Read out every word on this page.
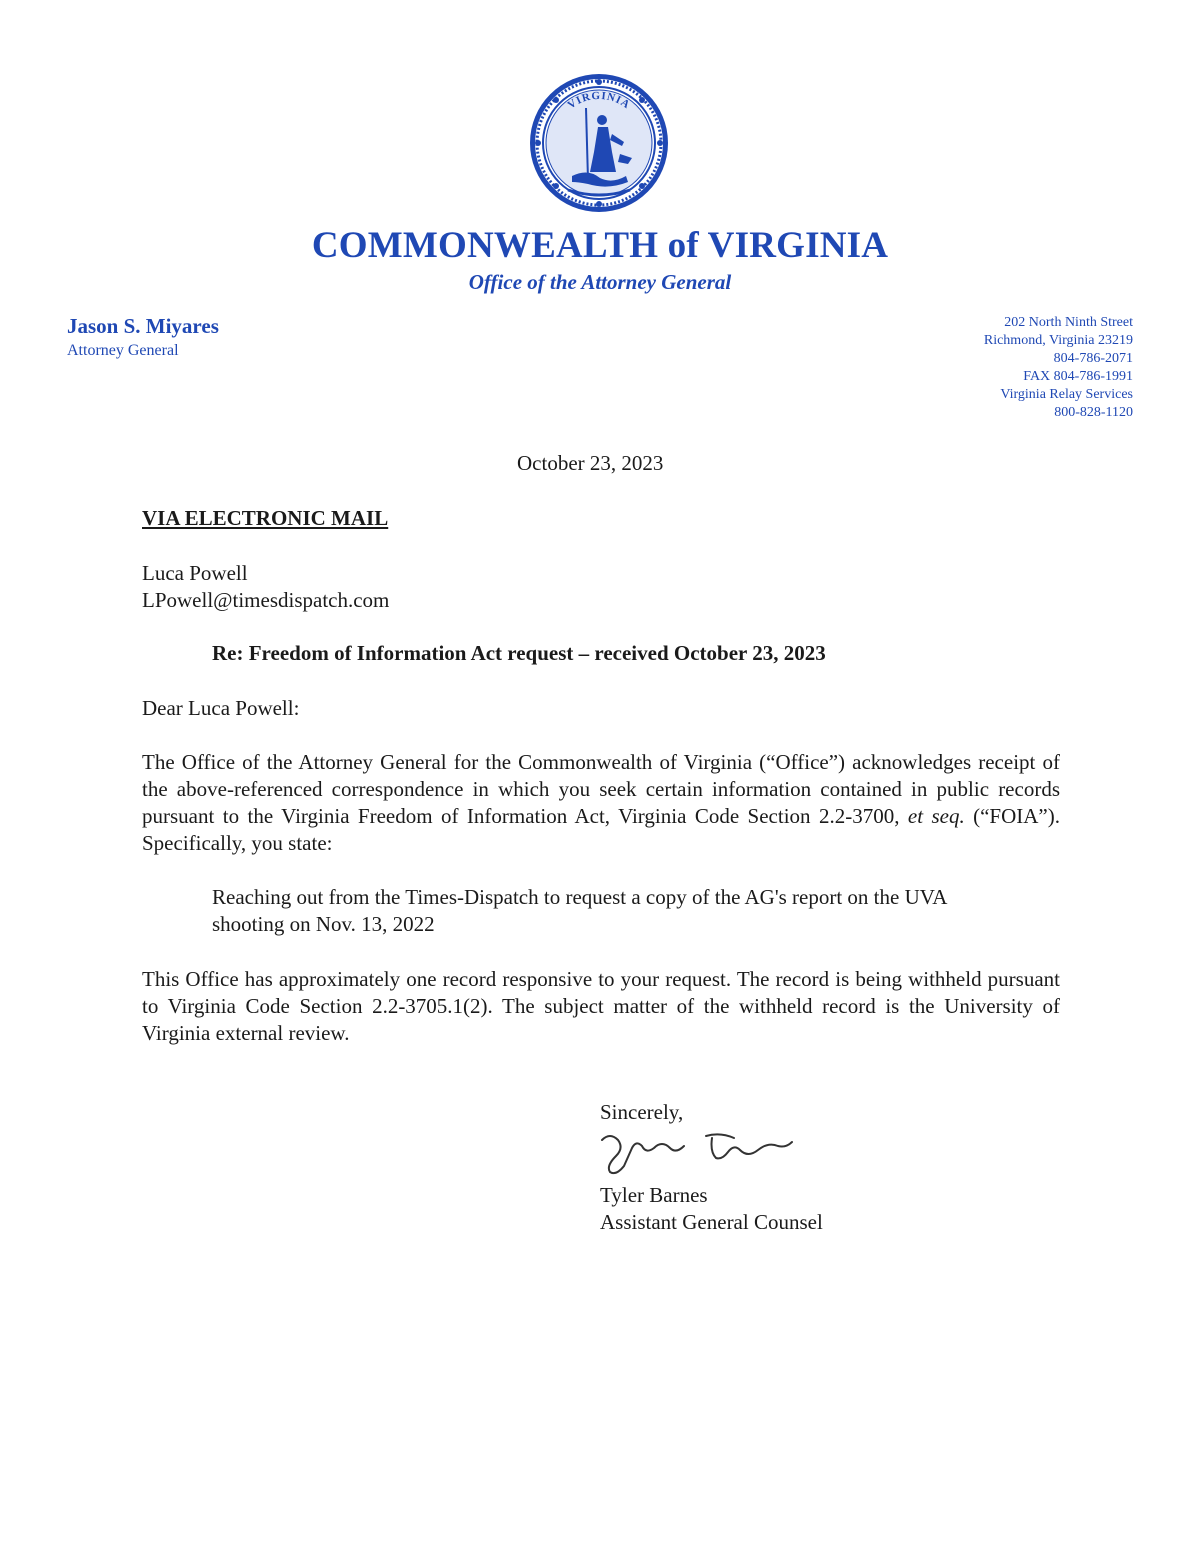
VIRGINIA
COMMONWEALTH of VIRGINIA
Office of the Attorney General
Jason S. Miyares
Attorney General
202 North Ninth Street
Richmond, Virginia 23219
804-786-2071
FAX 804-786-1991
Virginia Relay Services
800-828-1120
October 23, 2023
VIA ELECTRONIC MAIL
Luca Powell
LPowell@timesdispatch.com
Re: Freedom of Information Act request – received October 23, 2023
Dear Luca Powell:
The Office of the Attorney General for the Commonwealth of Virginia (“Office”) acknowledges receipt of the above-referenced correspondence in which you seek certain information contained in public records pursuant to the Virginia Freedom of Information Act, Virginia Code Section 2.2-3700, et seq. (“FOIA”). Specifically, you state:
Reaching out from the Times-Dispatch to request a copy of the AG's report on the UVA shooting on Nov. 13, 2022
This Office has approximately one record responsive to your request. The record is being withheld pursuant to Virginia Code Section 2.2-3705.1(2). The subject matter of the withheld record is the University of Virginia external review.
Sincerely,
Tyler Barnes
Assistant General Counsel
